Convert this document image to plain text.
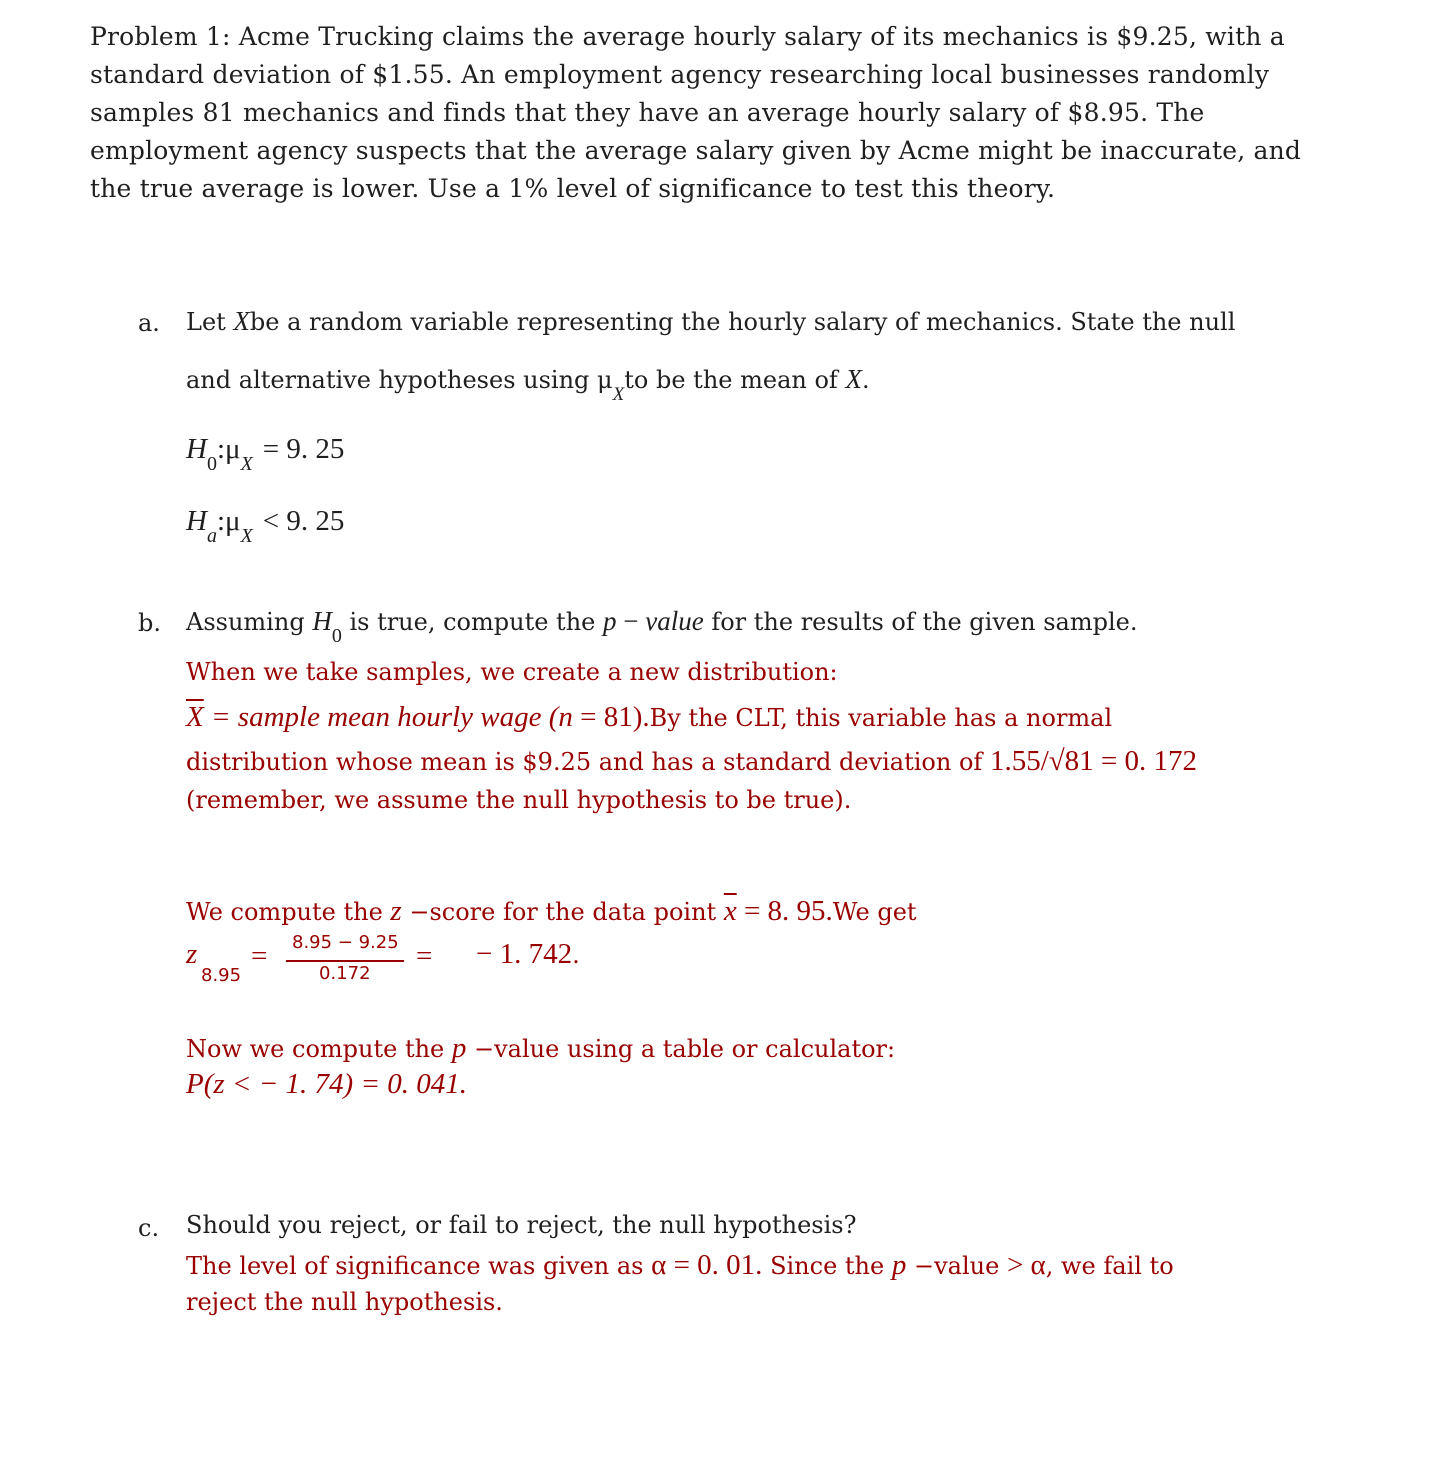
Problem 1: Acme Trucking claims the average hourly salary of its mechanics is $9.25, with a
standard deviation of $1.55. An employment agency researching local businesses randomly
samples 81 mechanics and finds that they have an average hourly salary of $8.95. The
employment agency suspects that the average salary given by Acme might be inaccurate, and
the true average is lower. Use a 1% level of significance to test this theory.
a. Let Xbe a random variable representing the hourly salary of mechanics. State the null
and alternative hypotheses using $\mu_Xto$ be the mean of X.
$H_0:\mu_X = 9$. 25
$H_a:\mu_X < 9$. 25
b. Assuming $H_0$ is true, compute the p − value for the results of the given sample.
When we take samples, we create a new distribution:
$\overline{X}$ = sample mean hourly wage (n = 81).By the CLT, this variable has a normal
distribution whose mean is $9.25 and has a standard deviation of 1.55/√81 = 0. 172
(remember, we assume the null hypothesis to be true).
We compute the z −score for the data point $\overline{x} = 8$. 95.We get
z
8.95
= 8.95 − 9.25
0.172
= − 1. 742.
Now we compute the p −value using a table or calculator:
P(z < − 1. 74) = 0. 041.
c. Should you reject, or fail to reject, the null hypothesis?
The level of significance was given as α = 0. 01. Since the p −value > α, we fail to
reject the null hypothesis.
